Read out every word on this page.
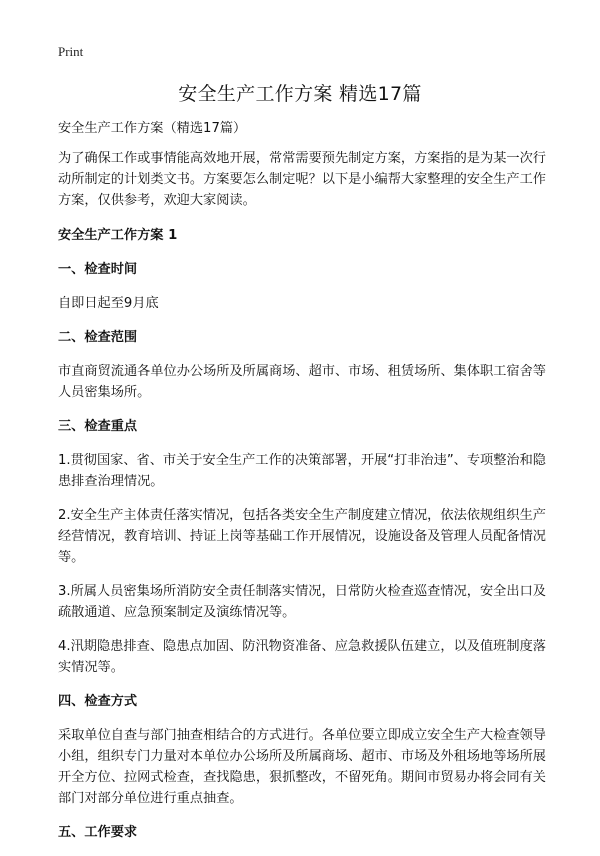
Print
安全生产工作方案 精选17篇

安全生产工作方案（精选17篇）

为了确保工作或事情能高效地开展，常常需要预先制定方案，方案指的是为某一次行动所制定的计划类文书。方案要怎么制定呢？以下是小编帮大家整理的安全生产工作方案，仅供参考，欢迎大家阅读。

安全生产工作方案 1
一、检查时间

自即日起至9月底

二、检查范围

市直商贸流通各单位办公场所及所属商场、超市、市场、租赁场所、集体职工宿舍等人员密集场所。

三、检查重点

1.贯彻国家、省、市关于安全生产工作的决策部署，开展“打非治违”、专项整治和隐患排查治理情况。

2.安全生产主体责任落实情况，包括各类安全生产制度建立情况，依法依规组织生产经营情况，教育培训、持证上岗等基础工作开展情况，设施设备及管理人员配备情况等。

3.所属人员密集场所消防安全责任制落实情况，日常防火检查巡查情况，安全出口及疏散通道、应急预案制定及演练情况等。

4.汛期隐患排查、隐患点加固、防汛物资准备、应急救援队伍建立，以及值班制度落实情况等。

四、检查方式

采取单位自查与部门抽查相结合的方式进行。各单位要立即成立安全生产大检查领导小组，组织专门力量对本单位办公场所及所属商场、超市、市场及外租场地等场所展开全方位、拉网式检查，查找隐患，狠抓整改，不留死角。期间市贸易办将会同有关部门对部分单位进行重点抽查。

五、工作要求
